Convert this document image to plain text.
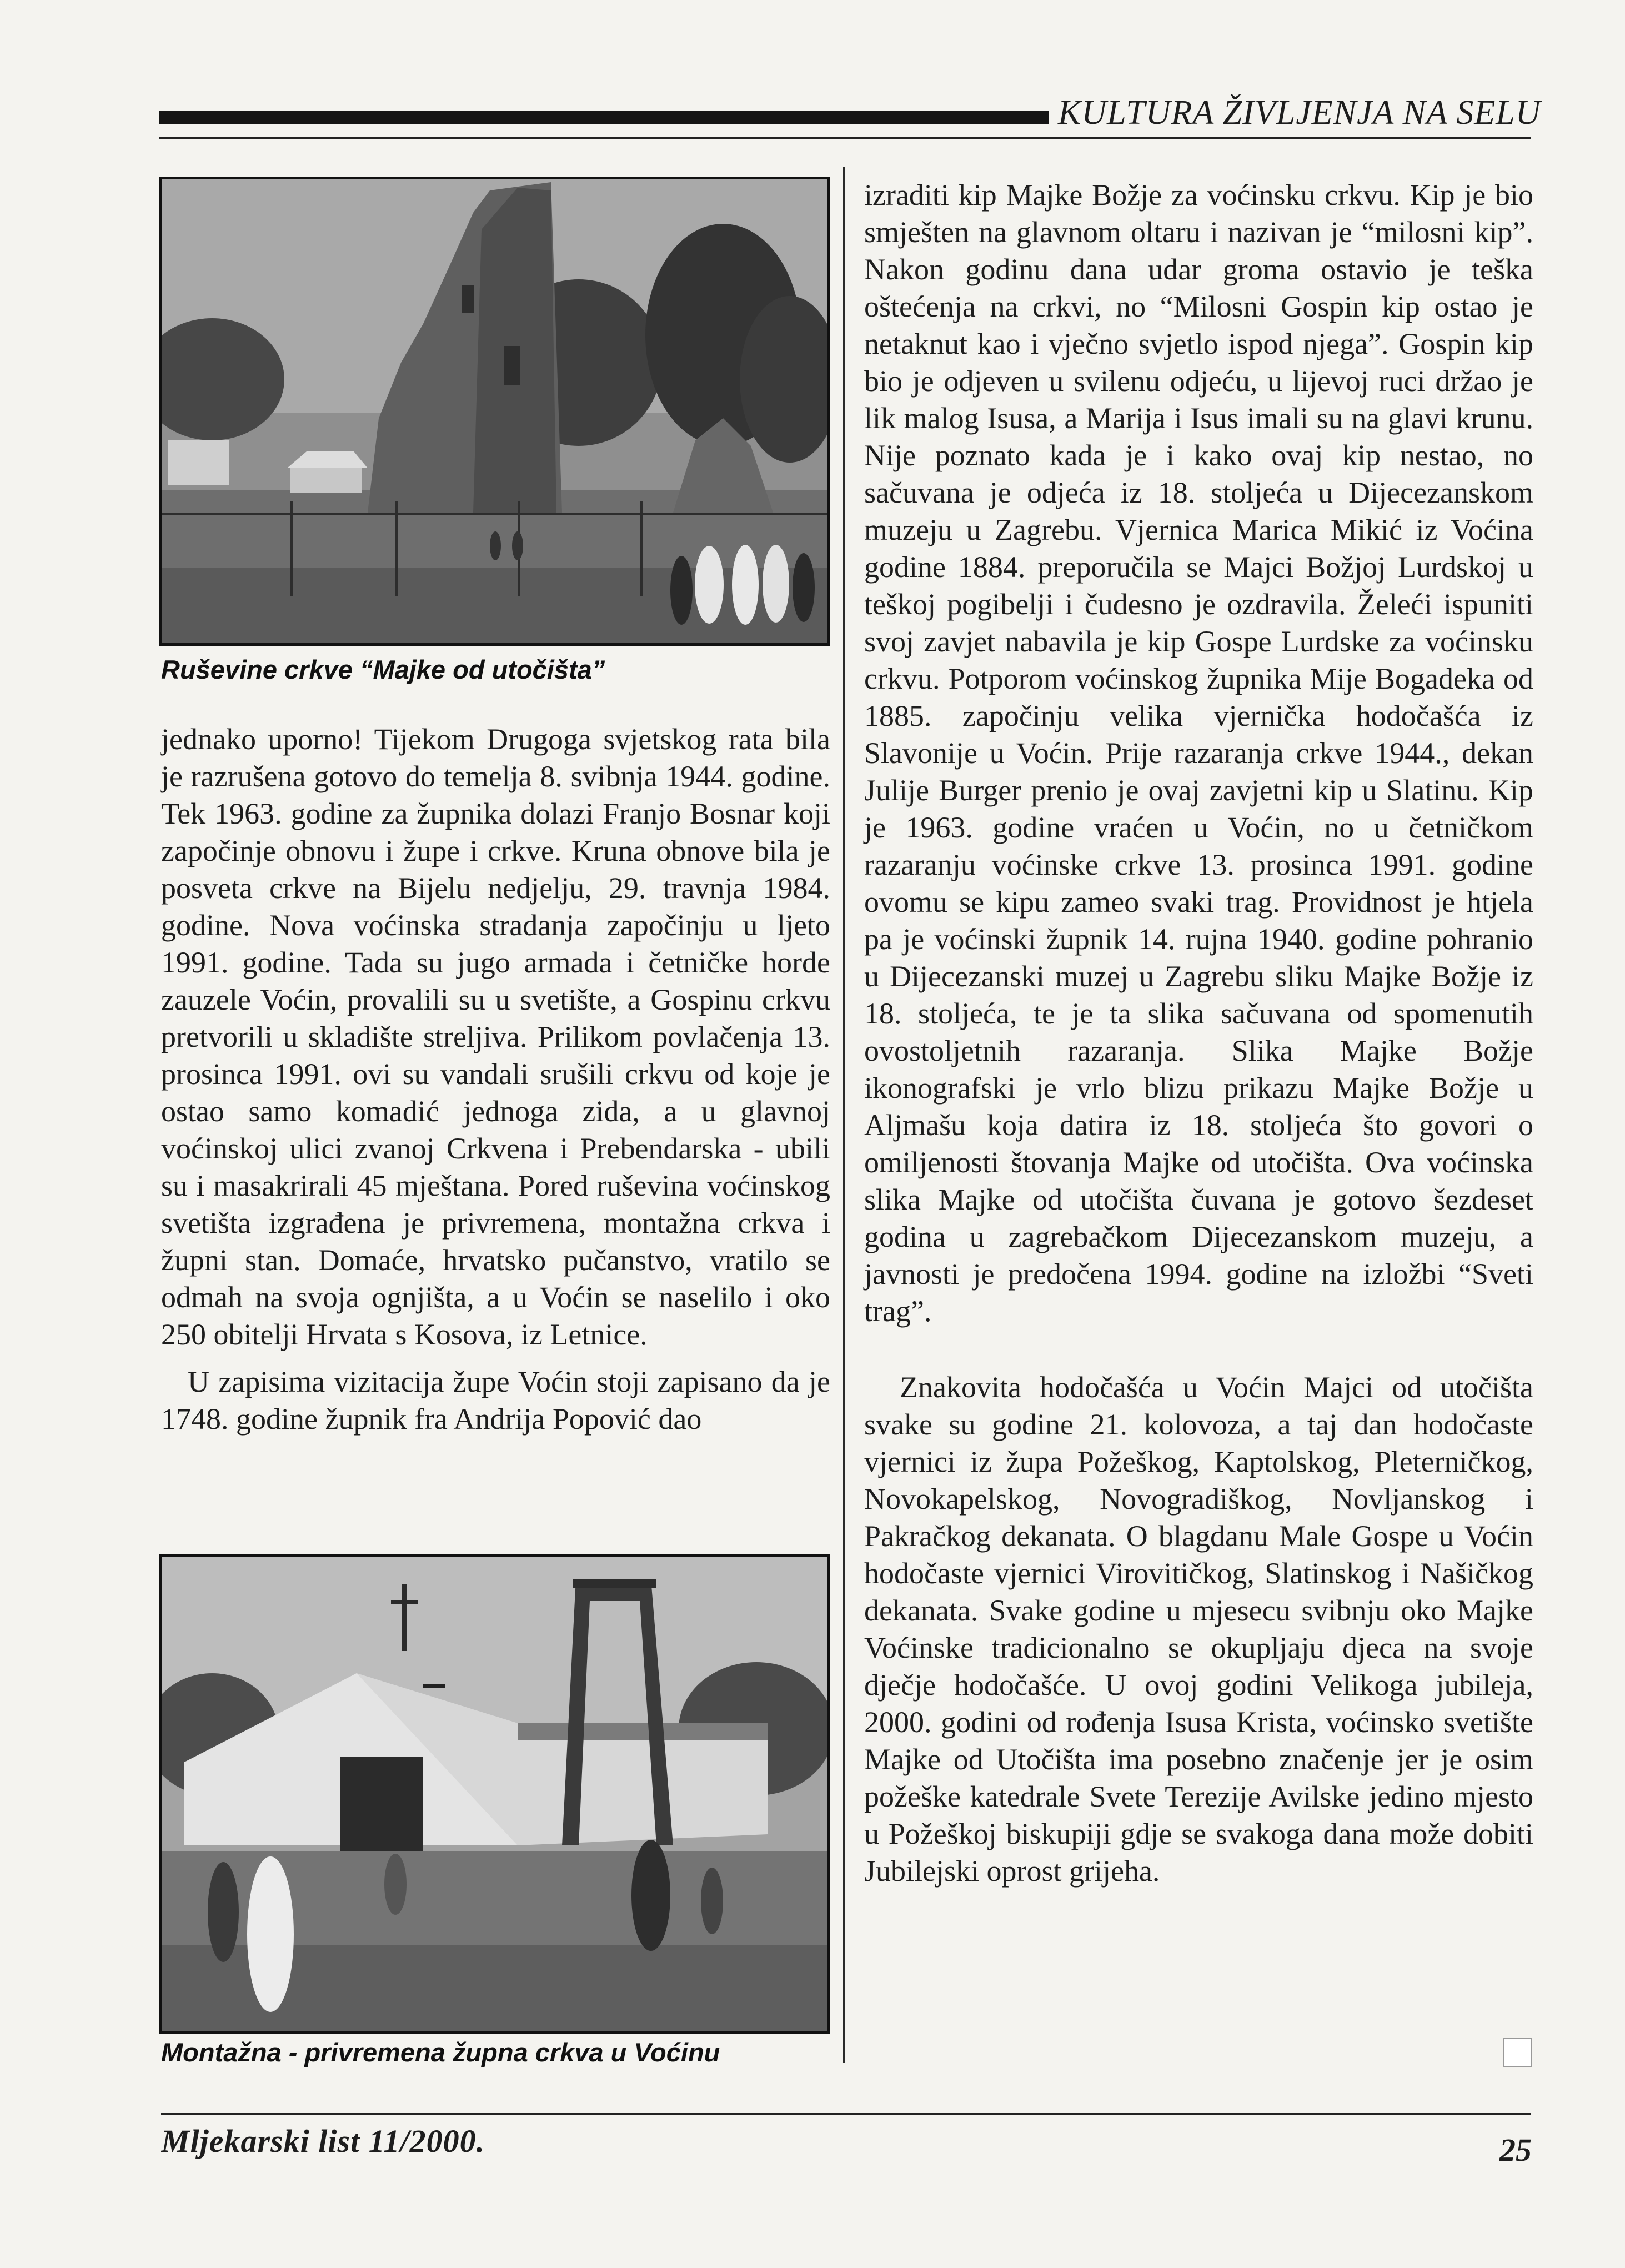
KULTURA ŽIVLJENJA NA SELU
Ruševine crkve “Majke od utočišta”

jednako uporno! Tijekom Drugoga svjetskog rata bila je razrušena gotovo do temelja 8. svibnja 1944. godine. Tek 1963. godine za župnika dolazi Franjo Bosnar koji započinje obnovu i župe i crkve. Kruna obnove bila je posveta crkve na Bijelu nedjelju, 29. travnja 1984. godine. Nova voćinska stradanja započinju u ljeto 1991. godine. Tada su jugo armada i četničke horde zauzele Voćin, provalili su u svetište, a Gospinu crkvu pretvorili u skladište streljiva. Prilikom povlačenja 13. prosinca 1991. ovi su vandali srušili crkvu od koje je ostao samo komadić jednoga zida, a u glavnoj voćinskoj ulici zvanoj Crkvena i Prebendarska - ubili su i masakrirali 45 mještana. Pored ruševina voćinskog svetišta izgrađena je privremena, montažna crkva i župni stan. Domaće, hrvatsko pučanstvo, vratilo se odmah na svoja ognjišta, a u Voćin se naselilo i oko 250 obitelji Hrvata s Kosova, iz Letnice.

U zapisima vizitacija župe Voćin stoji zapisano da je 1748. godine župnik fra Andrija Popović dao

Montažna - privremena župna crkva u Voćinu

izraditi kip Majke Božje za voćinsku crkvu. Kip je bio smješten na glavnom oltaru i nazivan je “milosni kip”. Nakon godinu dana udar groma ostavio je teška oštećenja na crkvi, no “Milosni Gospin kip ostao je netaknut kao i vječno svjetlo ispod njega”. Gospin kip bio je odjeven u svilenu odjeću, u lijevoj ruci držao je lik malog Isusa, a Marija i Isus imali su na glavi krunu. Nije poznato kada je i kako ovaj kip nestao, no sačuvana je odjeća iz 18. stoljeća u Dijecezanskom muzeju u Zagrebu. Vjernica Marica Mikić iz Voćina godine 1884. preporučila se Majci Božjoj Lurdskoj u teškoj pogibelji i čudesno je ozdravila. Želeći ispuniti svoj zavjet nabavila je kip Gospe Lurdske za voćinsku crkvu. Potporom voćinskog župnika Mije Bogadeka od 1885. započinju velika vjernička hodočašća iz Slavonije u Voćin. Prije razaranja crkve 1944., dekan Julije Burger prenio je ovaj zavjetni kip u Slatinu. Kip je 1963. godine vraćen u Voćin, no u četničkom razaranju voćinske crkve 13. prosinca 1991. godine ovomu se kipu zameo svaki trag. Providnost je htjela pa je voćinski župnik 14. rujna 1940. godine pohranio u Dijecezanski muzej u Zagrebu sliku Majke Božje iz 18. stoljeća, te je ta slika sačuvana od spomenutih ovostoljetnih razaranja. Slika Majke Božje ikonografski je vrlo blizu prikazu Majke Božje u Aljmašu koja datira iz 18. stoljeća što govori o omiljenosti štovanja Majke od utočišta. Ova voćinska slika Majke od utočišta čuvana je gotovo šezdeset godina u zagrebačkom Dijecezanskom muzeju, a javnosti je predočena 1994. godine na izložbi “Sveti trag”.

Znakovita hodočašća u Voćin Majci od utočišta svake su godine 21. kolovoza, a taj dan hodočaste vjernici iz župa Požeškog, Kaptolskog, Pleterničkog, Novokapelskog, Novogradiškog, Novljanskog i Pakračkog dekanata. O blagdanu Male Gospe u Voćin hodočaste vjernici Virovitičkog, Slatinskog i Našičkog dekanata. Svake godine u mjesecu svibnju oko Majke Voćinske tradicionalno se okupljaju djeca na svoje dječje hodočašće. U ovoj godini Velikoga jubileja, 2000. godini od rođenja Isusa Krista, voćinsko svetište Majke od Utočišta ima posebno značenje jer je osim požeške katedrale Svete Terezije Avilske jedino mjesto u Požeškoj biskupiji gdje se svakoga dana može dobiti Jubilejski oprost grijeha.

Mljekarski list 11/2000.	25
